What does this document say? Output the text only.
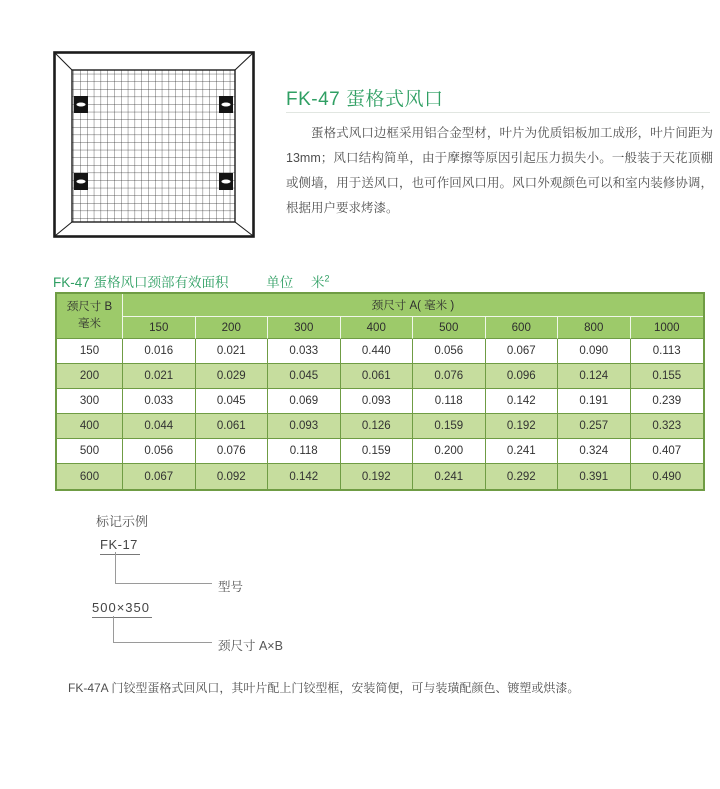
FK-47 蛋格式风口

蛋格式风口边框采用铝合金型材，叶片为优质铝板加工成形，叶片间距为 13mm；风口结构简单，由于摩擦等原因引起压力损失小。一般装于天花顶棚或侧墙，用于送风口，也可作回风口用。风口外观颜色可以和室内装修协调，根据用户要求烤漆。

FK-47 蛋格风口颈部有效面积	单位 米$^2$
颈尺寸 B
毫米	颈尺寸 A( 毫米 )							
	150	200	300	400	500	600	800	1000
150	0.016	0.021	0.033	0.440	0.056	0.067	0.090	0.113
200	0.021	0.029	0.045	0.061	0.076	0.096	0.124	0.155
300	0.033	0.045	0.069	0.093	0.118	0.142	0.191	0.239
400	0.044	0.061	0.093	0.126	0.159	0.192	0.257	0.323
500	0.056	0.076	0.118	0.159	0.200	0.241	0.324	0.407
600	0.067	0.092	0.142	0.192	0.241	0.292	0.391	0.490
标记示例
FK-17
型号
500×350
颈尺寸 A×B

FK-47A 门铰型蛋格式回风口，其叶片配上门铰型框，安装简便，可与装璜配颜色、镀塑或烘漆。
